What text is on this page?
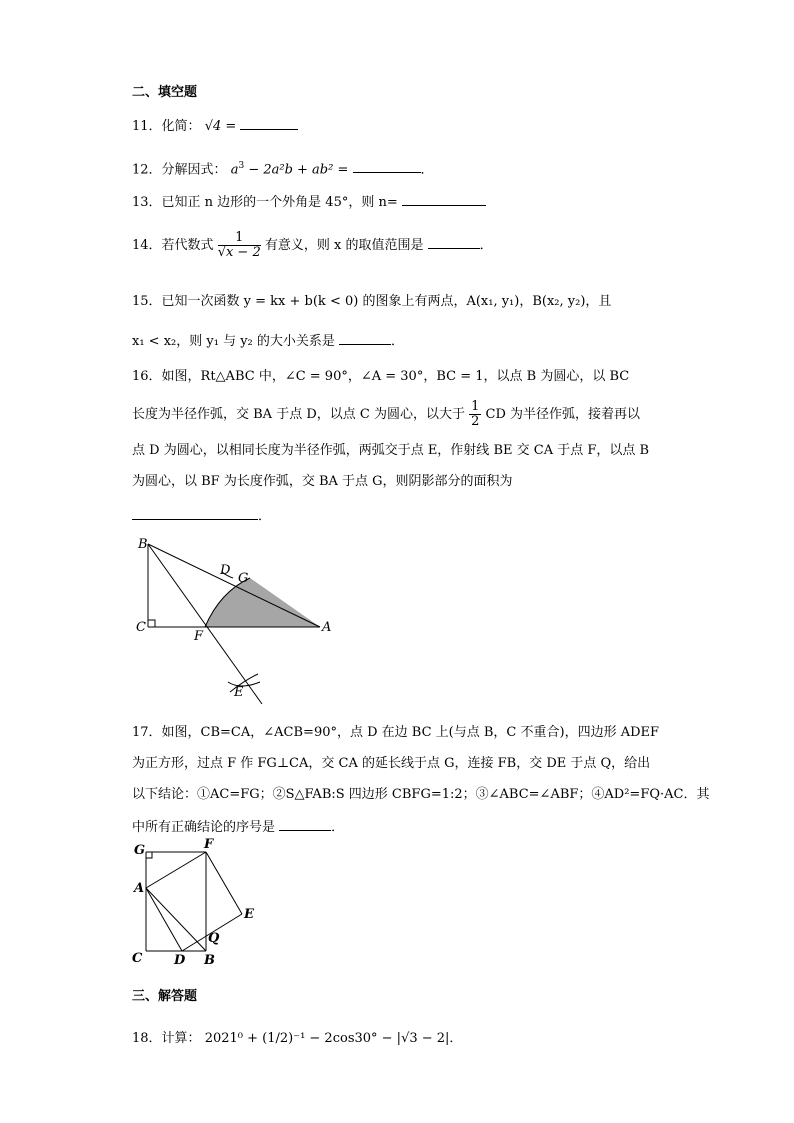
二、填空题
11．化简： √4 =
12．分解因式： $a^3 - 2a^2b + ab^2$ =	．
13．已知正 n 边形的一个外角是 45°，则 n=
14．若代数式 $\frac{1}{√x - 2}$ 有意义，则 x 的取值范围是	．
15．已知一次函数 y = kx + b(k < 0) 的图象上有两点，A(x₁, y₁)，B(x₂, y₂)，且
x₁ < x₂，则 y₁ 与 y₂ 的大小关系是	．
16．如图，Rt△ABC 中，∠C = 90°，∠A = 30°，BC = 1，以点 B 为圆心，以 BC
长度为半径作弧，交 BA 于点 D，以点 C 为圆心，以大于 $\frac{1}{2}$ CD 为半径作弧，接着再以
点 D 为圆心，以相同长度为半径作弧，两弧交于点 E，作射线 BE 交 CA 于点 F，以点 B
为圆心，以 BF 为长度作弧，交 BA 于点 G，则阴影部分的面积为
．
B
C
D
G
F
A
E
17．如图，CB=CA，∠ACB=90°，点 D 在边 BC 上(与点 B，C 不重合)，四边形 ADEF
为正方形，过点 F 作 FG⊥CA，交 CA 的延长线于点 G，连接 FB，交 DE 于点 Q，给出
以下结论：①AC=FG；②S△FAB:S 四边形 CBFG=1:2；③∠ABC=∠ABF；④AD²=FQ·AC．其
中所有正确结论的序号是	．
G	F
A
E
Q
C D B
三、解答题
18．计算： 2021⁰ + (1/2)⁻¹ − 2cos30° − |√3 − 2|．
